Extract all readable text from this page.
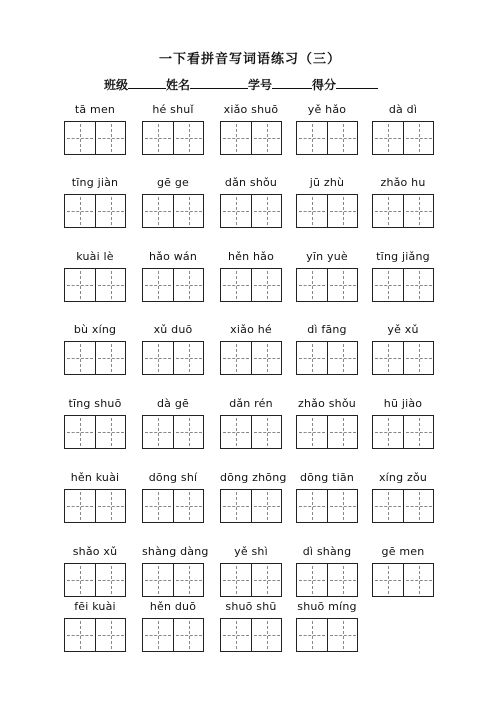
一下看拼音写词语练习（三）
班级	姓名	学号	得分
tā men	hé shuǐ	xiǎo shuō	yě hǎo	dà dì
tīng jiàn	gē ge	dǎn shǒu	jū zhù	zhǎo hu
kuài lè	hǎo wán	hěn hǎo	yīn yuè	tīng jiǎng
bù xíng	xǔ duō	xiǎo hé	dì fāng	yě xǔ
tīng shuō	dà gē	dǎn rén	zhǎo shǒu	hū jiào
hěn kuài	dōng shí	dōng zhōng	dōng tiān	xíng zǒu
shǎo xǔ	shàng dàng	yě shì	dì shàng	gē men
fēi kuài	hěn duō	shuō shū	shuō míng
